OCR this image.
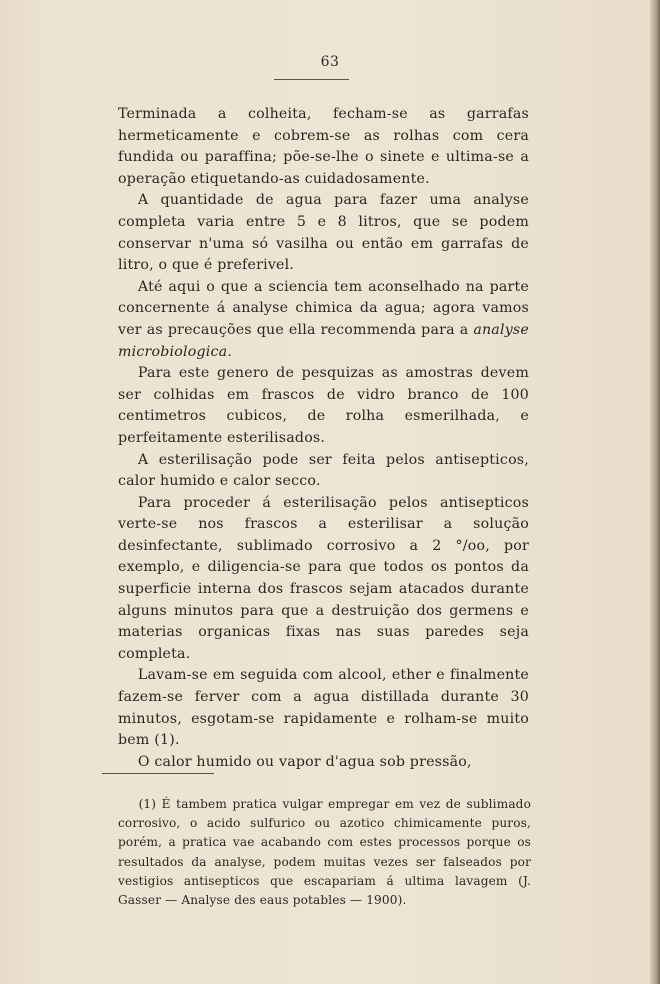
63

Terminada a colheita, fecham-se as garrafas hermeticamente e cobrem-se as rolhas com cera fundida ou paraffina; põe-se-lhe o sinete e ultima-se a operação etiquetando-as cuidadosamente.

A quantidade de agua para fazer uma analyse completa varia entre 5 e 8 litros, que se podem conservar n'uma só vasilha ou então em garrafas de litro, o que é preferivel.

Até aqui o que a sciencia tem aconselhado na parte concernente á analyse chimica da agua; agora vamos ver as precauções que ella recommenda para a analyse microbiologica.

Para este genero de pesquizas as amostras devem ser colhidas em frascos de vidro branco de 100 centimetros cubicos, de rolha esmerilhada, e perfeitamente esterilisados.

A esterilisação pode ser feita pelos antisepticos, calor humido e calor secco.

Para proceder á esterilisação pelos antisepticos verte-se nos frascos a esterilisar a solução desinfectante, sublimado corrosivo a 2 °/oo, por exemplo, e diligencia-se para que todos os pontos da superficie interna dos frascos sejam atacados durante alguns minutos para que a destruição dos germens e materias organicas fixas nas suas paredes seja completa.

Lavam-se em seguida com alcool, ether e finalmente fazem-se ferver com a agua distillada durante 30 minutos, esgotam-se rapidamente e rolham-se muito bem (1).

O calor humido ou vapor d'agua sob pressão,

(1) É tambem pratica vulgar empregar em vez de sublimado corrosivo, o acido sulfurico ou azotico chimicamente puros, porém, a pratica vae acabando com estes processos porque os resultados da analyse, podem muitas vezes ser falseados por vestigios antisepticos que escapariam á ultima lavagem (J. Gasser — Analyse des eaus potables — 1900).
